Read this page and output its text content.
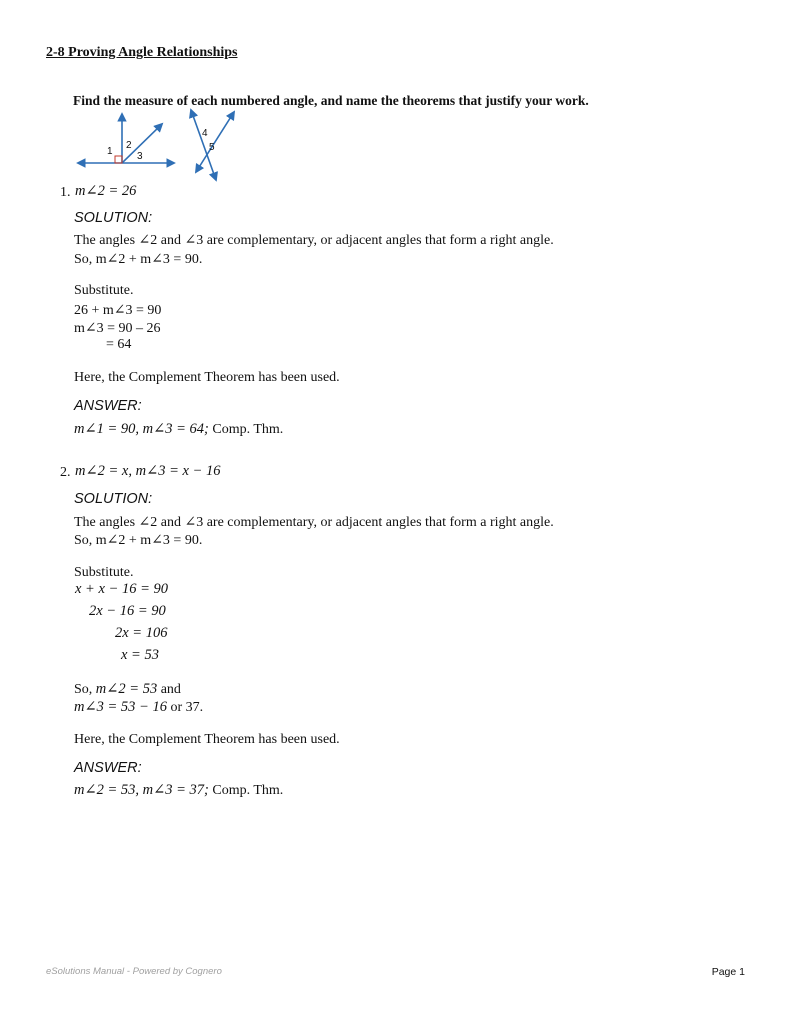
2-8 Proving Angle Relationships
Find the measure of each numbered angle, and name the theorems that justify your work.
1
2
3
4
5
1. m∠2 = 26
SOLUTION:
The angles ∠2 and ∠3 are complementary, or adjacent angles that form a right angle.
So, m∠2 + m∠3 = 90.
Substitute.
26 + m∠3 = 90
m∠3 = 90 – 26
= 64
Here, the Complement Theorem has been used.
ANSWER:
m∠1 = 90, m∠3 = 64; Comp. Thm.
2. m∠2 = x, m∠3 = x − 16
SOLUTION:
The angles ∠2 and ∠3 are complementary, or adjacent angles that form a right angle.
So, m∠2 + m∠3 = 90.
Substitute.
x + x − 16 = 90
2x − 16 = 90
2x = 106
x = 53
So, m∠2 = 53 and
m∠3 = 53 − 16 or 37.
Here, the Complement Theorem has been used.
ANSWER:
m∠2 = 53, m∠3 = 37; Comp. Thm.
eSolutions Manual - Powered by Cognero	Page 1
